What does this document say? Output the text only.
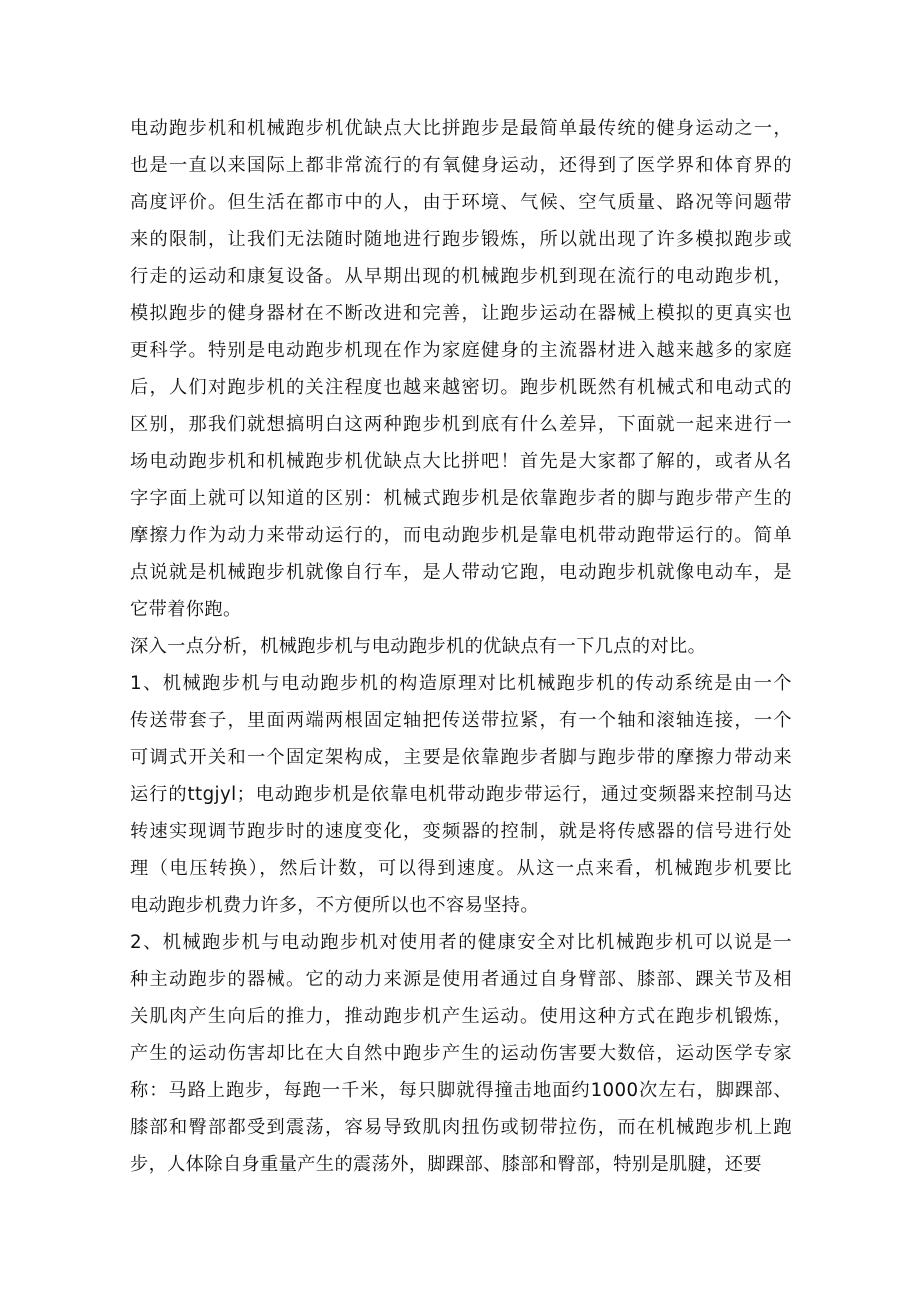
电动跑步机和机械跑步机优缺点大比拼跑步是最简单最传统的健身运动之一，
也是一直以来国际上都非常流行的有氧健身运动，还得到了医学界和体育界的
高度评价。但生活在都市中的人，由于环境、气候、空气质量、路况等问题带
来的限制，让我们无法随时随地进行跑步锻炼，所以就出现了许多模拟跑步或
行走的运动和康复设备。从早期出现的机械跑步机到现在流行的电动跑步机，
模拟跑步的健身器材在不断改进和完善，让跑步运动在器械上模拟的更真实也
更科学。特别是电动跑步机现在作为家庭健身的主流器材进入越来越多的家庭
后，人们对跑步机的关注程度也越来越密切。跑步机既然有机械式和电动式的
区别，那我们就想搞明白这两种跑步机到底有什么差异，下面就一起来进行一
场电动跑步机和机械跑步机优缺点大比拼吧！首先是大家都了解的，或者从名
字字面上就可以知道的区别：机械式跑步机是依靠跑步者的脚与跑步带产生的
摩擦力作为动力来带动运行的，而电动跑步机是靠电机带动跑带运行的。简单
点说就是机械跑步机就像自行车，是人带动它跑，电动跑步机就像电动车，是
它带着你跑。
深入一点分析，机械跑步机与电动跑步机的优缺点有一下几点的对比。
1、机械跑步机与电动跑步机的构造原理对比机械跑步机的传动系统是由一个
传送带套子，里面两端两根固定轴把传送带拉紧，有一个轴和滚轴连接，一个
可调式开关和一个固定架构成，主要是依靠跑步者脚与跑步带的摩擦力带动来
运行的ttgjyl；电动跑步机是依靠电机带动跑步带运行，通过变频器来控制马达
转速实现调节跑步时的速度变化，变频器的控制，就是将传感器的信号进行处
理（电压转换），然后计数，可以得到速度。从这一点来看，机械跑步机要比
电动跑步机费力许多，不方便所以也不容易坚持。
2、机械跑步机与电动跑步机对使用者的健康安全对比机械跑步机可以说是一
种主动跑步的器械。它的动力来源是使用者通过自身臂部、膝部、踝关节及相
关肌肉产生向后的推力，推动跑步机产生运动。使用这种方式在跑步机锻炼，
产生的运动伤害却比在大自然中跑步产生的运动伤害要大数倍，运动医学专家
称：马路上跑步，每跑一千米，每只脚就得撞击地面约1000次左右，脚踝部、
膝部和臀部都受到震荡，容易导致肌肉扭伤或韧带拉伤，而在机械跑步机上跑
步，人体除自身重量产生的震荡外，脚踝部、膝部和臀部，特别是肌腱，还要
